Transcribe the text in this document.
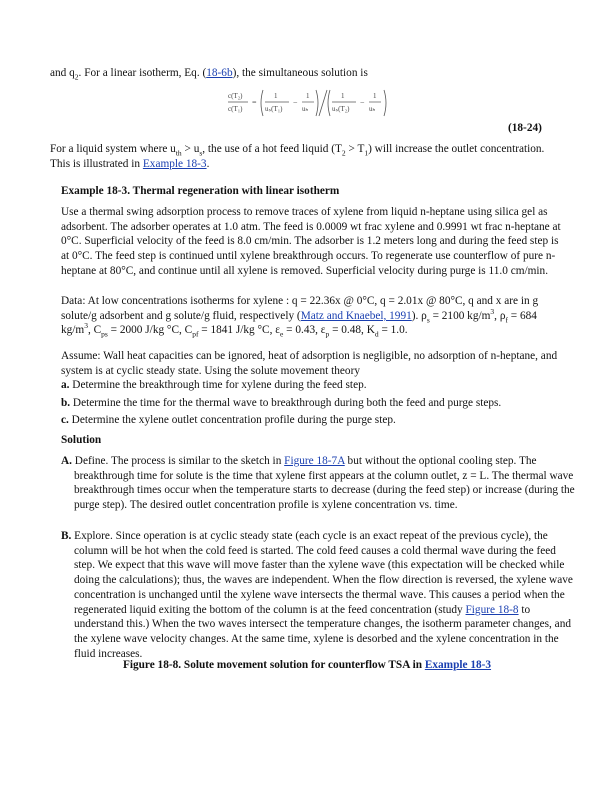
and $q_2$. For a linear isotherm, Eq. (18-6b), the simultaneous solution is

c(T₂)
c(T₁)
=
1
uₛ(T₁)
−
1
uₕ
1
uₛ(T₂)
−
1
uₕ
(18-24)

For a liquid system where $u_{th} > u_s$, the use of a hot feed liquid $(T_2 > T_1)$ will increase the outlet concentration. This is illustrated in Example 18-3.

Example 18-3. Thermal regeneration with linear isotherm

Use a thermal swing adsorption process to remove traces of xylene from liquid n-heptane using silica gel as adsorbent. The adsorber operates at 1.0 atm. The feed is 0.0009 wt frac xylene and 0.9991 wt frac n-heptane at 0°C. Superficial velocity of the feed is 8.0 cm/min. The adsorber is 1.2 meters long and during the feed step is at 0°C. The feed step is continued until xylene breakthrough occurs. To regenerate use counterflow of pure n-heptane at 80°C, and continue until all xylene is removed. Superficial velocity during purge is 11.0 cm/min.

Data: At low concentrations isotherms for xylene : q = 22.36x @ 0°C, q = 2.01x @ 80°C, q and x are in g solute/g adsorbent and g solute/g fluid, respectively (Matz and Knaebel, 1991). $\rho_s = 2100$ $kg/m^3$, $\rho_f = 684$ $kg/m^3$, $C_{ps} = 2000$ J/kg °C, $C_{pf} = 1841$ J/kg °C, $\varepsilon_e = 0.43$, $\varepsilon_p = 0.48$, $K_d = 1.0$.

Assume: Wall heat capacities can be ignored, heat of adsorption is negligible, no adsorption of n-heptane, and system is at cyclic steady state. Using the solute movement theory

a. Determine the breakthrough time for xylene during the feed step.

b. Determine the time for the thermal wave to breakthrough during both the feed and purge steps.

c. Determine the xylene outlet concentration profile during the purge step.

Solution

A. Define. The process is similar to the sketch in Figure 18-7A but without the optional cooling step. The breakthrough time for solute is the time that xylene first appears at the column outlet, z = L. The thermal wave breakthrough times occur when the temperature starts to decrease (during the feed step) or increase (during the purge step). The desired outlet concentration profile is xylene concentration vs. time.

B. Explore. Since operation is at cyclic steady state (each cycle is an exact repeat of the previous cycle), the column will be hot when the cold feed is started. The cold feed causes a cold thermal wave during the feed step. We expect that this wave will move faster than the xylene wave (this expectation will be checked while doing the calculations); thus, the waves are independent. When the flow direction is reversed, the xylene wave concentration is unchanged until the xylene wave intersects the thermal wave. This causes a period when the regenerated liquid exiting the bottom of the column is at the feed concentration (study Figure 18-8 to understand this.) When the two waves intersect the temperature changes, the isotherm parameter changes, and the xylene wave velocity changes. At the same time, xylene is desorbed and the xylene concentration in the fluid increases.

Figure 18-8. Solute movement solution for counterflow TSA in Example 18-3
